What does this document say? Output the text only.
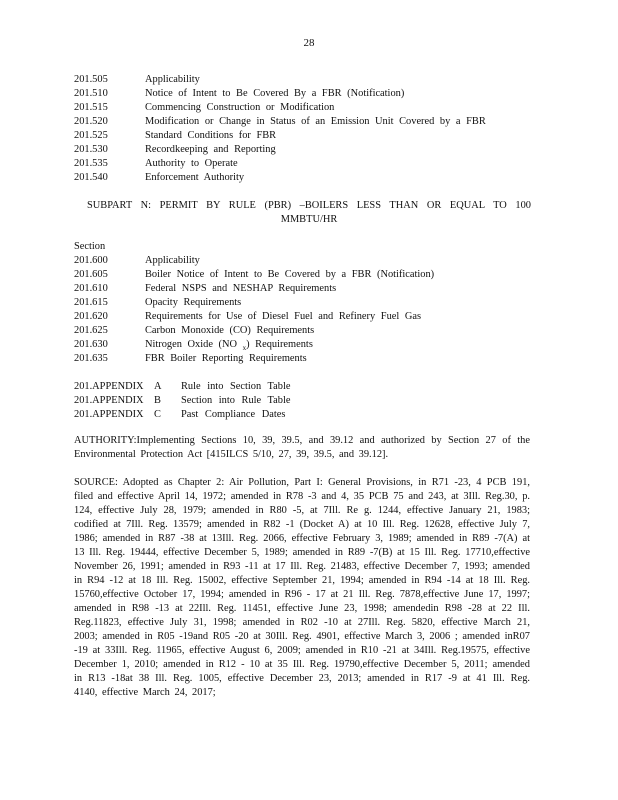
28
201.505	Applicability
201.510	Notice of Intent to Be Covered By a FBR (Notification)
201.515	Commencing Construction or Modification
201.520	Modification or Change in Status of an Emission Unit Covered by a FBR
201.525	Standard Conditions for FBR
201.530	Recordkeeping and Reporting
201.535	Authority to Operate
201.540	Enforcement Authority
SUBPART N: PERMIT BY RULE (PBR) –BOILERS LESS THAN OR EQUAL TO 100
MMBTU/HR
Section
201.600	Applicability
201.605	Boiler Notice of Intent to Be Covered by a FBR (Notification)
201.610	Federal NSPS and NESHAP Requirements
201.615	Opacity Requirements
201.620	Requirements for Use of Diesel Fuel and Refinery Fuel Gas
201.625	Carbon Monoxide (CO) Requirements
201.630	Nitrogen Oxide (NO $_x$) Requirements
201.635	FBR Boiler Reporting Requirements
201.APPENDIX	A	Rule into Section Table
201.APPENDIX	B	Section into Rule Table
201.APPENDIX	C	Past Compliance Dates
AUTHORITY:Implementing Sections 10, 39, 39.5, and 39.12 and authorized by Section 27 of the Environmental Protection Act [415ILCS 5/10, 27, 39, 39.5, and 39.12].
SOURCE: Adopted as Chapter 2: Air Pollution, Part I: General Provisions, in R71 -23, 4 PCB 191, filed and effective April 14, 1972; amended in R78 -3 and 4, 35 PCB 75 and 243, at 3Ill. Reg.30, p. 124, effective July 28, 1979; amended in R80 -5, at 7Ill. Re g. 1244, effective January 21, 1983; codified at 7Ill. Reg. 13579; amended in R82 -1 (Docket A) at 10 Ill. Reg. 12628, effective July 7, 1986; amended in R87 -38 at 13Ill. Reg. 2066, effective February 3, 1989; amended in R89 -7(A) at 13 Ill. Reg. 19444, effective December 5, 1989; amended in R89 -7(B) at 15 Ill. Reg. 17710,effective November 26, 1991; amended in R93 -11 at 17 Ill. Reg. 21483, effective December 7, 1993; amended in R94 -12 at 18 Ill. Reg. 15002, effective September 21, 1994; amended in R94 -14 at 18 Ill. Reg. 15760,effective October 17, 1994; amended in R96 - 17 at 21 Ill. Reg. 7878,effective June 17, 1997; amended in R98 -13 at 22Ill. Reg. 11451, effective June 23, 1998; amendedin R98 -28 at 22 Ill. Reg.11823, effective July 31, 1998; amended in R02 -10 at 27Ill. Reg. 5820, effective March 21, 2003; amended in R05 -19and R05 -20 at 30Ill. Reg. 4901, effective March 3, 2006 ; amended inR07 -19 at 33Ill. Reg. 11965, effective August 6, 2009; amended in R10 -21 at 34Ill. Reg.19575, effective December 1, 2010; amended in R12 - 10 at 35 Ill. Reg. 19790,effective December 5, 2011; amended in R13 -18at 38 Ill. Reg. 1005, effective December 23, 2013; amended in R17 -9 at 41 Ill. Reg. 4140, effective March 24, 2017;
